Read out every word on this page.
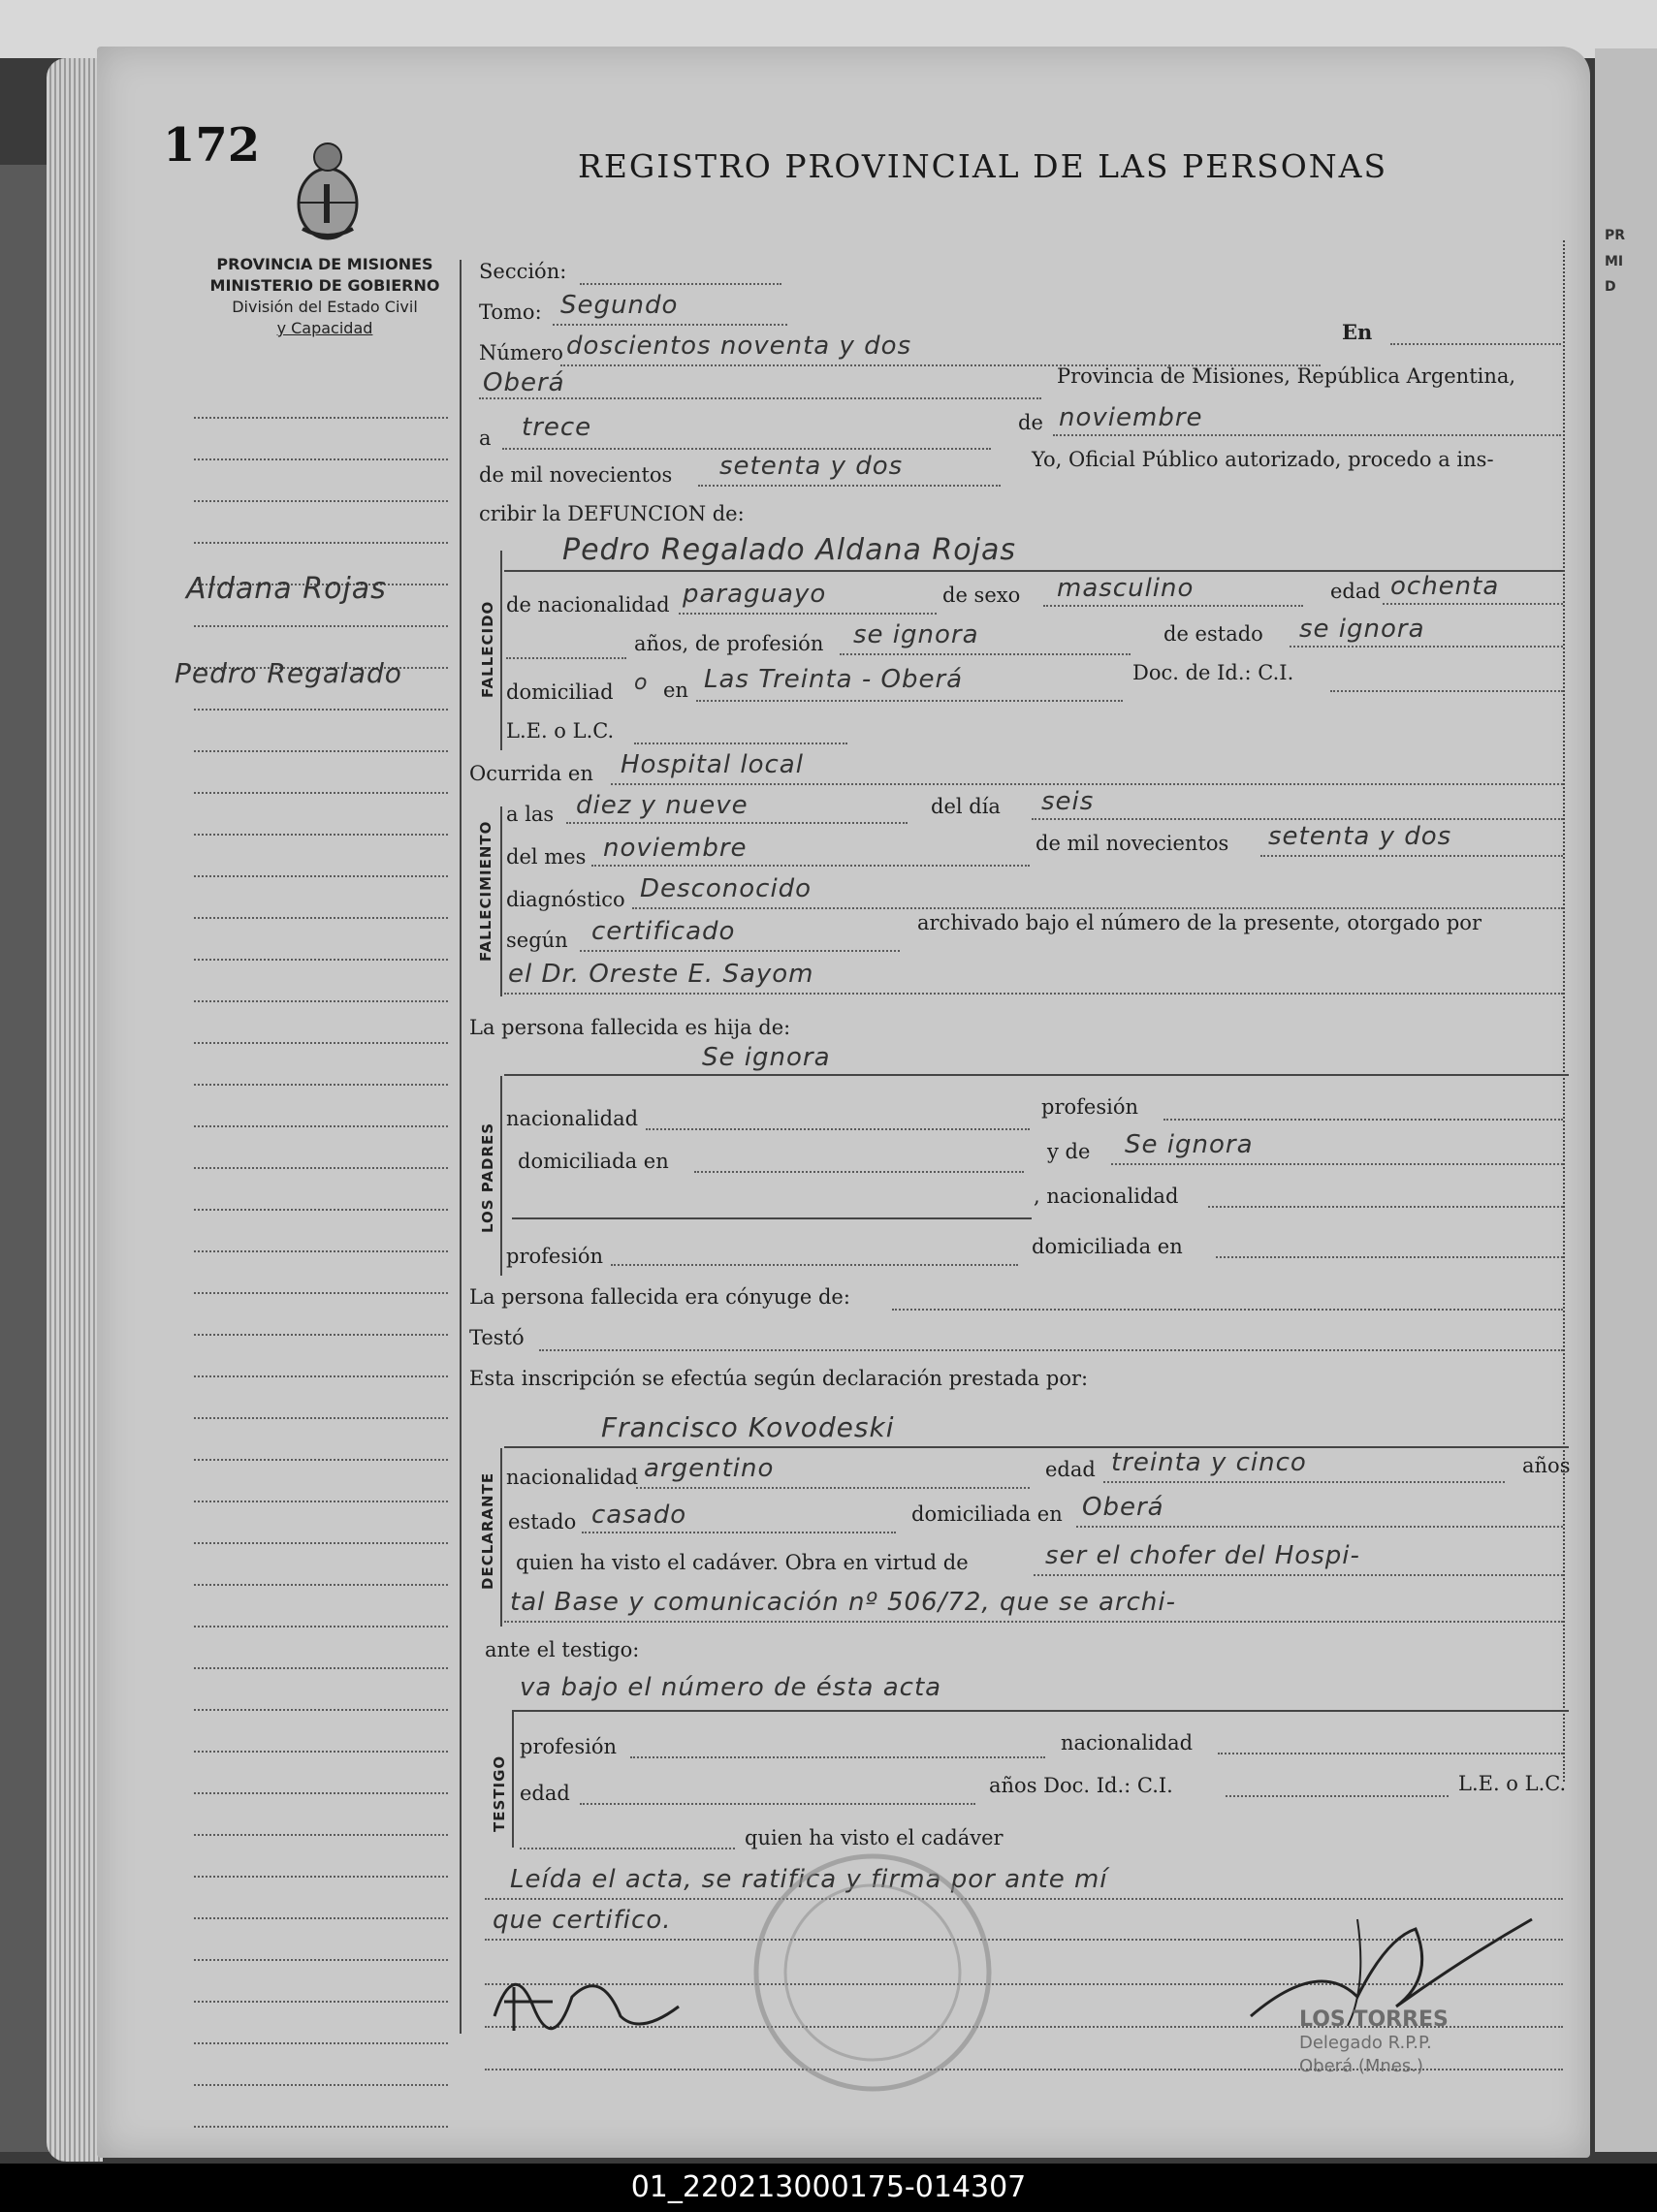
PR
MI
D
172	REGISTRO PROVINCIAL DE LAS PERSONAS
PROVINCIA DE MISIONES
MINISTERIO DE GOBIERNO
División del Estado Civil
y Capacidad
Aldana Rojas
Pedro Regalado
Sección:
Tomo: Segundo
Número doscientos noventa y dos	En
Oberá	Provincia de Misiones, República Argentina,
a trece	de noviembre
de mil novecientos setenta y dos	Yo, Oficial Público autorizado, procedo a ins-
cribir la DEFUNCION de:
FALLECIDO
Pedro Regalado Aldana Rojas
de nacionalidad paraguayo	de sexo masculino	edad ochenta
años, de profesión se ignora	de estado se ignora
domiciliad o en Las Treinta - Oberá	Doc. de Id.: C.I.
L.E. o L.C.
Ocurrida en Hospital local
FALLECIMIENTO
a las diez y nueve	del día seis
del mes noviembre	de mil novecientos setenta y dos
diagnóstico Desconocido
según certificado	archivado bajo el número de la presente, otorgado por
el Dr. Oreste E. Sayom
La persona fallecida es hija de:
Se ignora
LOS PADRES
nacionalidad	profesión
domiciliada en	y de Se ignora
, nacionalidad
profesión	domiciliada en
La persona fallecida era cónyuge de:
Testó
Esta inscripción se efectúa según declaración prestada por:
Francisco Kovodeski
DECLARANTE nacionalidad argentino	edad treinta y cinco	años
estado casado	domiciliada en Oberá
quien ha visto el cadáver. Obra en virtud de	ser el chofer del Hospi-
tal Base y comunicación nº 506/72, que se archi-
ante el testigo:
va bajo el número de ésta acta
TESTIGO
profesión	nacionalidad
edad	años Doc. Id.: C.I.	L.E. o L.C.
quien ha visto el cadáver
Leída el acta, se ratifica y firma por ante mí
que certifico.
LOS TORRES
Delegado R.P.P.
Oberá (Mnes.)
01_220213000175-014307
